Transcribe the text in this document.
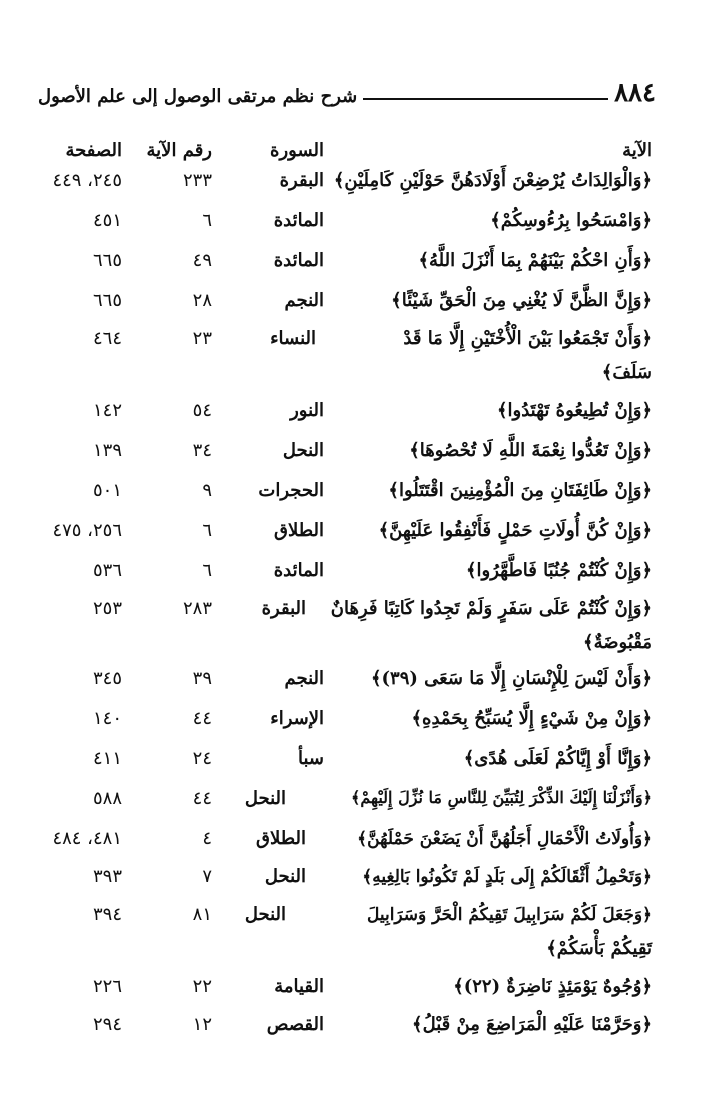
٨٨٤
شرح نظم مرتقى الوصول إلى علم الأصول
الآية
السورة
رقم الآية
الصفحة
﴿وَالْوَالِدَاتُ يُرْضِعْنَ أَوْلَادَهُنَّ حَوْلَيْنِ كَامِلَيْنِ﴾
البقرة
٢٣٣
٢٤٥، ٤٤٩
﴿وَامْسَحُوا بِرُءُوسِكُمْ﴾
المائدة
٦
٤٥١
﴿وَأَنِ احْكُمْ بَيْنَهُمْ بِمَا أَنْزَلَ اللَّهُ﴾
المائدة
٤٩
٦٦٥
﴿وَإِنَّ الظَّنَّ لَا يُغْنِي مِنَ الْحَقِّ شَيْئًا﴾
النجم
٢٨
٦٦٥
﴿وَأَنْ تَجْمَعُوا بَيْنَ الْأُخْتَيْنِ إِلَّا مَا قَدْ
سَلَفَ﴾
النساء
٢٣
٤٦٤
﴿وَإِنْ تُطِيعُوهُ تَهْتَدُوا﴾
النور
٥٤
١٤٢
﴿وَإِنْ تَعُدُّوا نِعْمَةَ اللَّهِ لَا تُحْصُوهَا﴾
النحل
٣٤
١٣٩
﴿وَإِنْ طَائِفَتَانِ مِنَ الْمُؤْمِنِينَ اقْتَتَلُوا﴾
الحجرات
٩
٥٠١
﴿وَإِنْ كُنَّ أُولَاتِ حَمْلٍ فَأَنْفِقُوا عَلَيْهِنَّ﴾
الطلاق
٦
٢٥٦، ٤٧٥
﴿وَإِنْ كُنْتُمْ جُنُبًا فَاطَّهَّرُوا﴾
المائدة
٦
٥٣٦
﴿وَإِنْ كُنْتُمْ عَلَى سَفَرٍ وَلَمْ تَجِدُوا كَاتِبًا فَرِهَانٌ
مَقْبُوضَةٌ﴾
البقرة
٢٨٣
٢٥٣
﴿وَأَنْ لَيْسَ لِلْإِنْسَانِ إِلَّا مَا سَعَى (٣٩)﴾
النجم
٣٩
٣٤٥
﴿وَإِنْ مِنْ شَيْءٍ إِلَّا يُسَبِّحُ بِحَمْدِهِ﴾
الإسراء
٤٤
١٤٠
﴿وَإِنَّا أَوْ إِيَّاكُمْ لَعَلَى هُدًى﴾
سبأ
٢٤
٤١١
﴿وَأَنْزَلْنَا إِلَيْكَ الذِّكْرَ لِتُبَيِّنَ لِلنَّاسِ مَا نُزِّلَ إِلَيْهِمْ﴾
النحل
٤٤
٥٨٨
﴿وَأُولَاتُ الْأَحْمَالِ أَجَلُهُنَّ أَنْ يَضَعْنَ حَمْلَهُنَّ﴾
الطلاق
٤
٤٨١، ٤٨٤
﴿وَتَحْمِلُ أَثْقَالَكُمْ إِلَى بَلَدٍ لَمْ تَكُونُوا بَالِغِيهِ﴾
النحل
٧
٣٩٣
﴿وَجَعَلَ لَكُمْ سَرَابِيلَ تَقِيكُمُ الْحَرَّ وَسَرَابِيلَ
تَقِيكُمْ بَأْسَكُمْ﴾
النحل
٨١
٣٩٤
﴿وُجُوهٌ يَوْمَئِذٍ نَاضِرَةٌ (٢٢)﴾
القيامة
٢٢
٢٢٦
﴿وَحَرَّمْنَا عَلَيْهِ الْمَرَاضِعَ مِنْ قَبْلُ﴾
القصص
١٢
٢٩٤
